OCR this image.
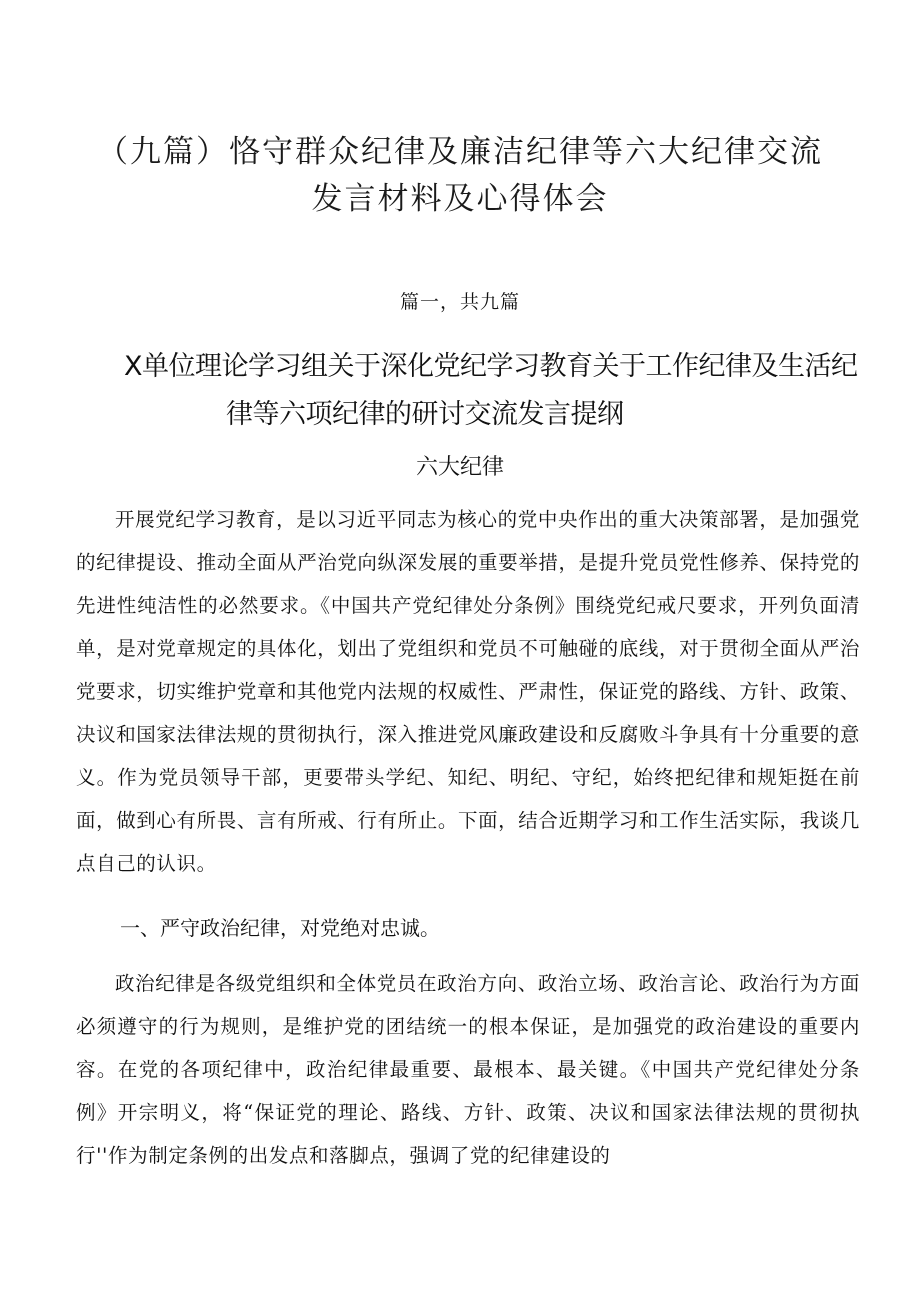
（九篇）恪守群众纪律及廉洁纪律等六大纪律交流
发言材料及心得体会
篇一，共九篇
X单位理论学习组关于深化党纪学习教育关于工作纪律及生活纪
律等六项纪律的研讨交流发言提纲
六大纪律

开展党纪学习教育，是以习近平同志为核心的党中央作出的重大决策部署，是加强党的纪律提设、推动全面从严治党向纵深发展的重要举措，是提升党员党性修养、保持党的先进性纯洁性的必然要求。《中国共产党纪律处分条例》围绕党纪戒尺要求，开列负面清单，是对党章规定的具体化，划出了党组织和党员不可触碰的底线，对于贯彻全面从严治党要求，切实维护党章和其他党内法规的权威性、严肃性，保证党的路线、方针、政策、决议和国家法律法规的贯彻执行，深入推进党风廉政建设和反腐败斗争具有十分重要的意义。作为党员领导干部，更要带头学纪、知纪、明纪、守纪，始终把纪律和规矩挺在前面，做到心有所畏、言有所戒、行有所止。下面，结合近期学习和工作生活实际，我谈几点自己的认识。

一、严守政治纪律，对党绝对忠诚。

政治纪律是各级党组织和全体党员在政治方向、政治立场、政治言论、政治行为方面必须遵守的行为规则，是维护党的团结统一的根本保证，是加强党的政治建设的重要内容。在党的各项纪律中，政治纪律最重要、最根本、最关键。《中国共产党纪律处分条例》开宗明义，将“保证党的理论、路线、方针、政策、决议和国家法律法规的贯彻执行''作为制定条例的出发点和落脚点，强调了党的纪律建设的
